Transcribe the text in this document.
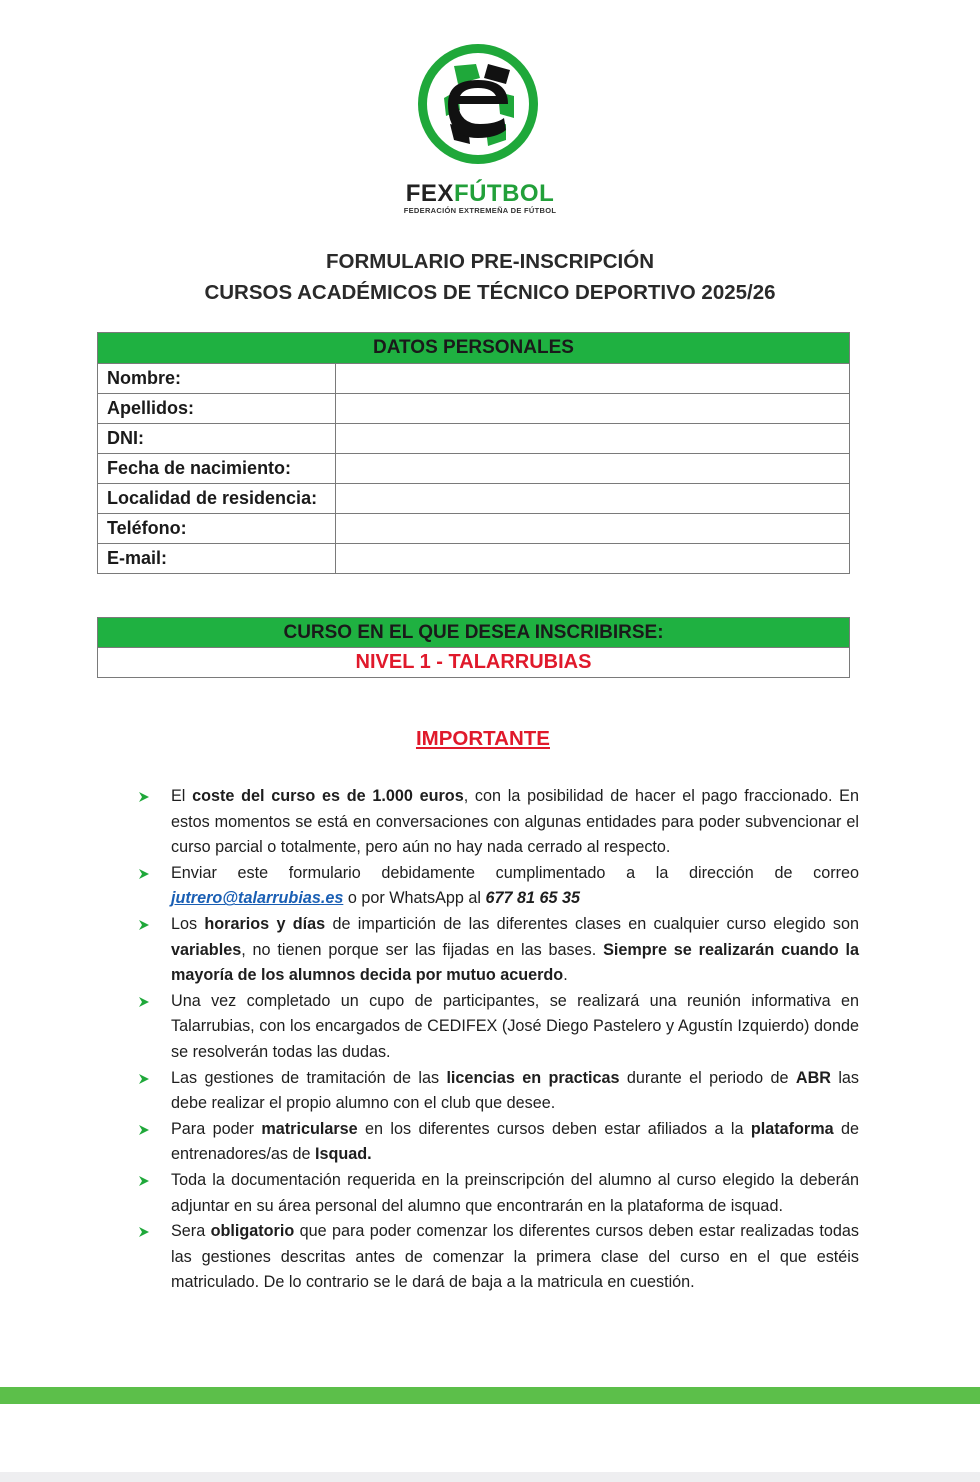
FEXFÚTBOL
FEDERACIÓN EXTREMEÑA DE FÚTBOL
FORMULARIO PRE-INSCRIPCIÓN
CURSOS ACADÉMICOS DE TÉCNICO DEPORTIVO 2025/26
DATOS PERSONALES	
Nombre:	
Apellidos:	
DNI:	
Fecha de nacimiento:	
Localidad de residencia:	
Teléfono:	
E-mail:	
CURSO EN EL QUE DESEA INSCRIBIRSE:
NIVEL 1 - TALARRUBIAS
IMPORTANTE
El coste del curso es de 1.000 euros, con la posibilidad de hacer el pago fraccionado. En estos momentos se está en conversaciones con algunas entidades para poder subvencionar el curso parcial o totalmente, pero aún no hay nada cerrado al respecto.
Enviar este formulario debidamente cumplimentado a la dirección de correo jutrero@talarrubias.es o por WhatsApp al 677 81 65 35
Los horarios y días de impartición de las diferentes clases en cualquier curso elegido son variables, no tienen porque ser las fijadas en las bases. Siempre se realizarán cuando la mayoría de los alumnos decida por mutuo acuerdo.
Una vez completado un cupo de participantes, se realizará una reunión informativa en Talarrubias, con los encargados de CEDIFEX (José Diego Pastelero y Agustín Izquierdo) donde se resolverán todas las dudas.
Las gestiones de tramitación de las licencias en practicas durante el periodo de ABR las debe realizar el propio alumno con el club que desee.
Para poder matricularse en los diferentes cursos deben estar afiliados a la plataforma de entrenadores/as de Isquad.
Toda la documentación requerida en la preinscripción del alumno al curso elegido la deberán adjuntar en su área personal del alumno que encontrarán en la plataforma de isquad.
Sera obligatorio que para poder comenzar los diferentes cursos deben estar realizadas todas las gestiones descritas antes de comenzar la primera clase del curso en el que estéis matriculado. De lo contrario se le dará de baja a la matricula en cuestión.
